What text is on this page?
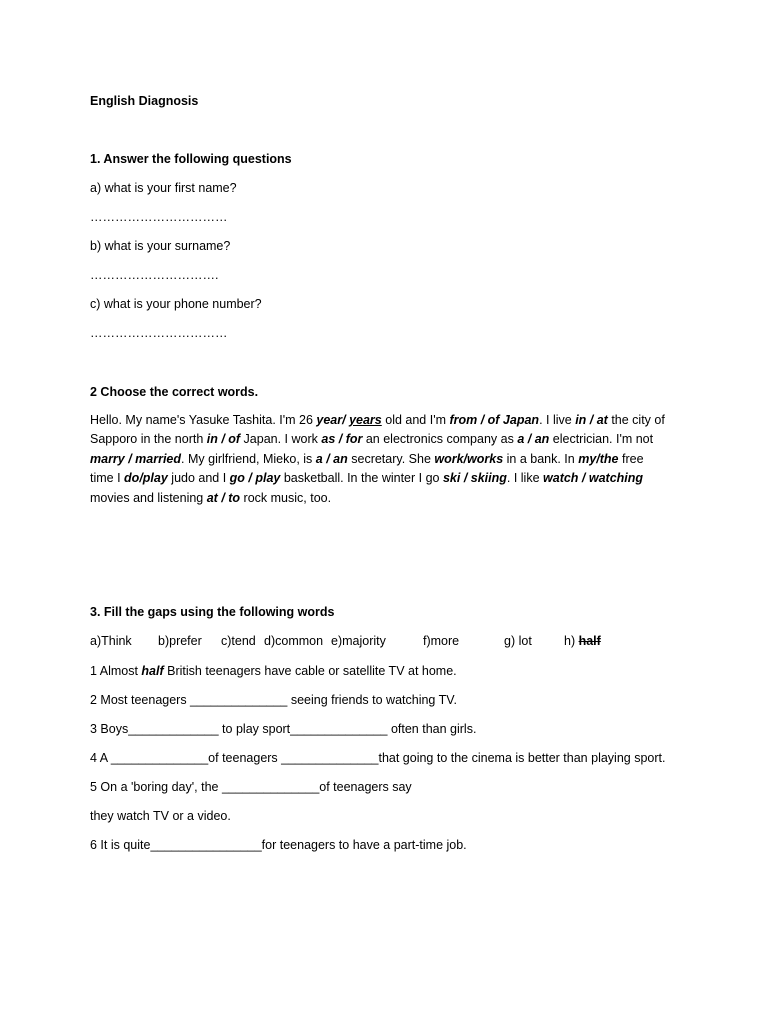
English Diagnosis
1. Answer the following questions
a) what is your first name?
……………………………
b) what is your surname?
………………………….
c) what is your phone number?
……………………………
2 Choose the correct words.
Hello. My name's Yasuke Tashita. I'm 26 year/ years old and I'm from / of Japan. I live in / at the city of
Sapporo in the north in / of Japan. I work as / for an electronics company as a / an electrician. I'm not
marry / married. My girlfriend, Mieko, is a / an secretary. She work/works in a bank. In my/the free
time I do/play judo and I go / play basketball. In the winter I go ski / skiing. I like watch / watching
movies and listening at / to rock music, too.
3. Fill the gaps using the following words
a)Think b)prefer c)tend d)common e)majority	f)more	g) lot	h) half
1 Almost half British teenagers have cable or satellite TV at home.
2 Most teenagers ______________ seeing friends to watching TV.
3 Boys_____________ to play sport______________ often than girls.
4 A ______________of teenagers ______________that going to the cinema is better than playing sport.
5 On a 'boring day', the ______________of teenagers say
they watch TV or a video.
6 It is quite________________for teenagers to have a part-time job.
